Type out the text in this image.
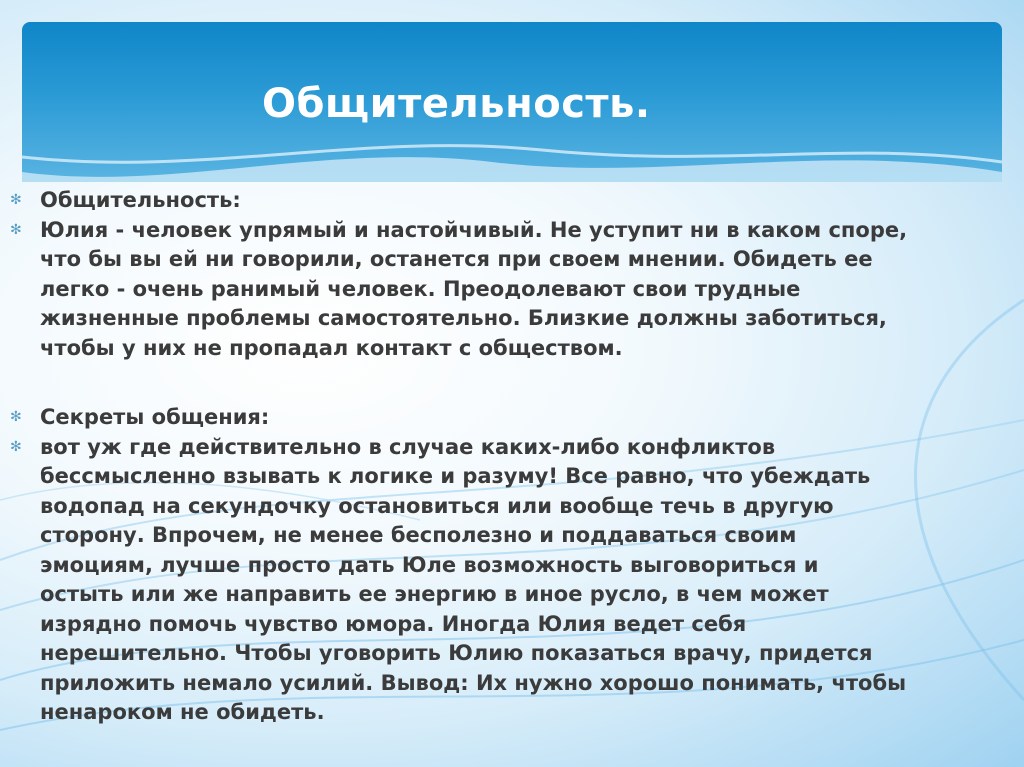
Общительность.

✻ Общительность:

✻ Юлия - человек упрямый и настойчивый. Не уступит ни в каком споре,
что бы вы ей ни говорили, останется при своем мнении. Обидеть ее
легко - очень ранимый человек. Преодолевают свои трудные
жизненные проблемы самостоятельно. Близкие должны заботиться,
чтобы у них не пропадал контакт с обществом.

✻ Секреты общения:

✻ вот уж где действительно в случае каких-либо конфликтов
бессмысленно взывать к логике и разуму! Все равно, что убеждать
водопад на секундочку остановиться или вообще течь в другую
сторону. Впрочем, не менее бесполезно и поддаваться своим
эмоциям, лучше просто дать Юле возможность выговориться и
остыть или же направить ее энергию в иное русло, в чем может
изрядно помочь чувство юмора. Иногда Юлия ведет себя
нерешительно. Чтобы уговорить Юлию показаться врачу, придется
приложить немало усилий. Вывод: Их нужно хорошо понимать, чтобы
ненароком не обидеть.
